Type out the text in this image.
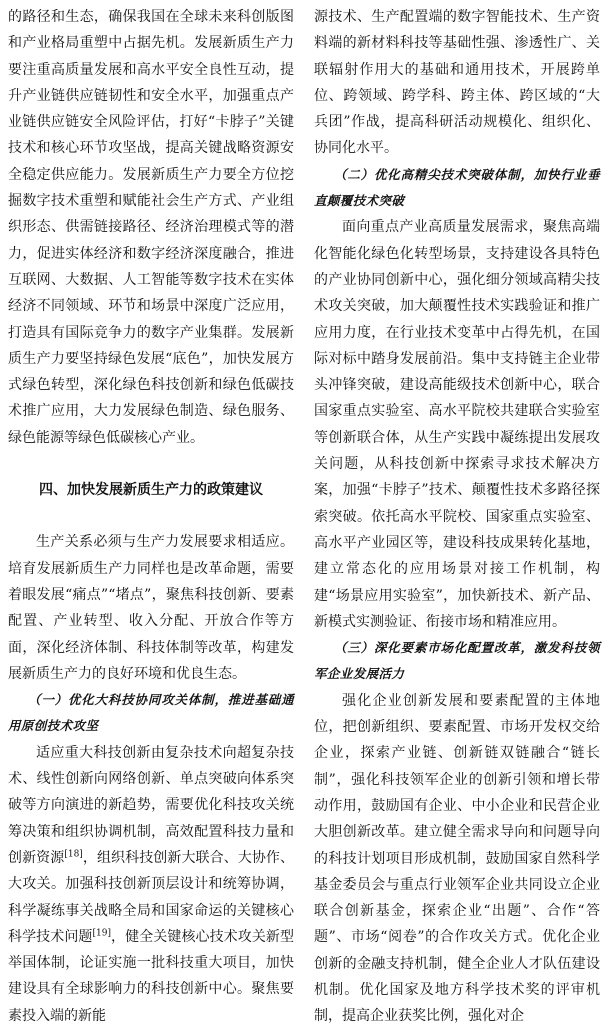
的路径和生态，确保我国在全球未来科创版图和产业格局重塑中占据先机。发展新质生产力要注重高质量发展和高水平安全良性互动，提升产业链供应链韧性和安全水平，加强重点产业链供应链安全风险评估，打好“卡脖子”关键技术和核心环节攻坚战，提高关键战略资源安全稳定供应能力。发展新质生产力要全方位挖掘数字技术重塑和赋能社会生产方式、产业组织形态、供需链接路径、经济治理模式等的潜力，促进实体经济和数字经济深度融合，推进互联网、大数据、人工智能等数字技术在实体经济不同领域、环节和场景中深度广泛应用，打造具有国际竞争力的数字产业集群。发展新质生产力要坚持绿色发展“底色”，加快发展方式绿色转型，深化绿色科技创新和绿色低碳技术推广应用，大力发展绿色制造、绿色服务、绿色能源等绿色低碳核心产业。

四、加快发展新质生产力的政策建议

生产关系必须与生产力发展要求相适应。培育发展新质生产力同样也是改革命题，需要着眼发展“痛点”“堵点”，聚焦科技创新、要素配置、产业转型、收入分配、开放合作等方面，深化经济体制、科技体制等改革，构建发展新质生产力的良好环境和优良生态。

（一）优化大科技协同攻关体制，推进基础通用原创技术攻坚

适应重大科技创新由复杂技术向超复杂技术、线性创新向网络创新、单点突破向体系突破等方向演进的新趋势，需要优化科技攻关统筹决策和组织协调机制，高效配置科技力量和创新资源[18]，组织科技创新大联合、大协作、大攻关。加强科技创新顶层设计和统筹协调，科学凝练事关战略全局和国家命运的关键核心科学技术问题[19]，健全关键核心技术攻关新型举国体制，论证实施一批科技重大项目，加快建设具有全球影响力的科技创新中心。聚焦要素投入端的新能

源技术、生产配置端的数字智能技术、生产资料端的新材料科技等基础性强、渗透性广、关联辐射作用大的基础和通用技术，开展跨单位、跨领域、跨学科、跨主体、跨区域的“大兵团”作战，提高科研活动规模化、组织化、协同化水平。

（二）优化高精尖技术突破体制，加快行业垂直颠覆技术突破

面向重点产业高质量发展需求，聚焦高端化智能化绿色化转型场景，支持建设各具特色的产业协同创新中心，强化细分领域高精尖技术攻关突破，加大颠覆性技术实践验证和推广应用力度，在行业技术变革中占得先机，在国际对标中踏身发展前沿。集中支持链主企业带头冲锋突破，建设高能级技术创新中心，联合国家重点实验室、高水平院校共建联合实验室等创新联合体，从生产实践中凝练提出发展攻关问题，从科技创新中探索寻求技术解决方案，加强“卡脖子”技术、颠覆性技术多路径探索突破。依托高水平院校、国家重点实验室、高水平产业园区等，建设科技成果转化基地，建立常态化的应用场景对接工作机制，构建“场景应用实验室”，加快新技术、新产品、新模式实测验证、衔接市场和精准应用。

（三）深化要素市场化配置改革，激发科技领军企业发展活力

强化企业创新发展和要素配置的主体地位，把创新组织、要素配置、市场开发权交给企业，探索产业链、创新链双链融合“链长制”，强化科技领军企业的创新引领和增长带动作用，鼓励国有企业、中小企业和民营企业大胆创新改革。建立健全需求导向和问题导向的科技计划项目形成机制，鼓励国家自然科学基金委员会与重点行业领军企业共同设立企业联合创新基金，探索企业“出题”、合作“答题”、市场“阅卷”的合作攻关方式。优化企业创新的金融支持机制，健全企业人才队伍建设机制。优化国家及地方科学技术奖的评审机制，提高企业获奖比例，强化对企
